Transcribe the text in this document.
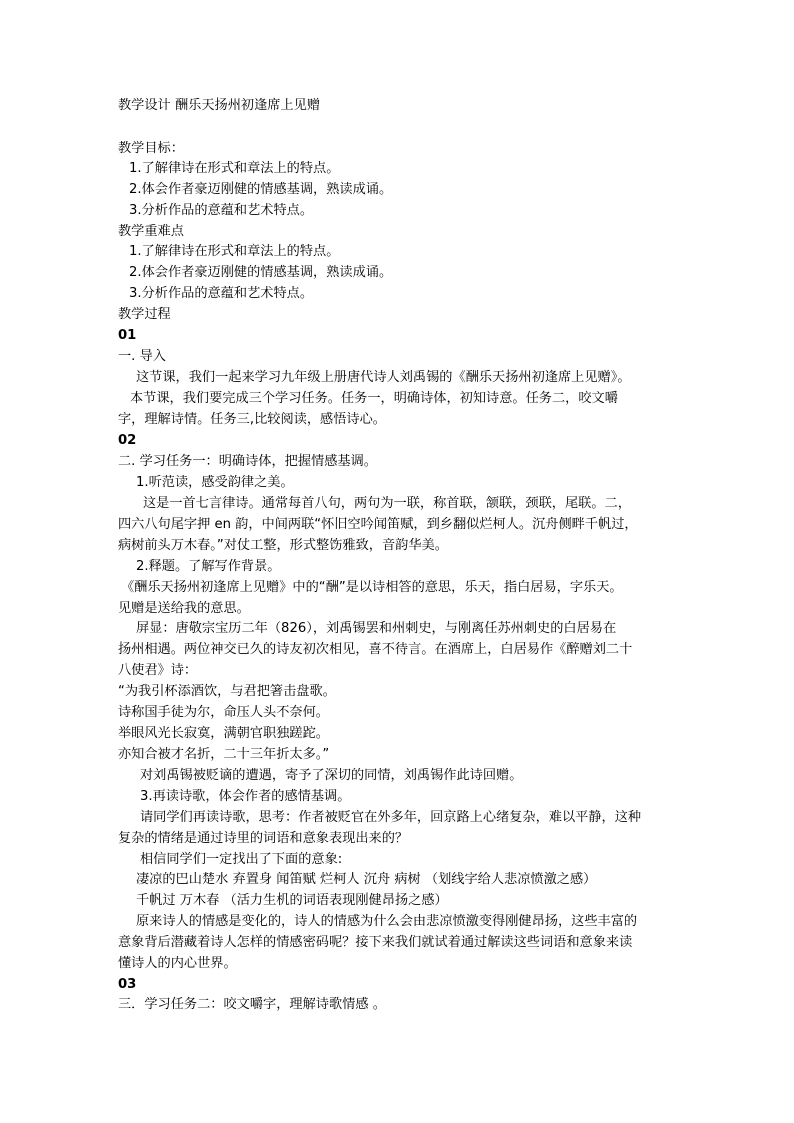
教学设计 酬乐天扬州初逢席上见赠
教学目标：
1.了解律诗在形式和章法上的特点。
2.体会作者豪迈刚健的情感基调，熟读成诵。
3.分析作品的意蕴和艺术特点。
教学重难点
1.了解律诗在形式和章法上的特点。
2.体会作者豪迈刚健的情感基调，熟读成诵。
3.分析作品的意蕴和艺术特点。
教学过程
01
一. 导入
这节课，我们一起来学习九年级上册唐代诗人刘禹锡的《酬乐天扬州初逢席上见赠》。
本节课，我们要完成三个学习任务。任务一，明确诗体，初知诗意。任务二，咬文嚼
字，理解诗情。任务三,比较阅读，感悟诗心。
02
二. 学习任务一：明确诗体，把握情感基调。
1.听范读，感受韵律之美。
这是一首七言律诗。通常每首八句，两句为一联，称首联，颔联，颈联，尾联。二，
四六八句尾字押 en 韵，中间两联“怀旧空吟闻笛赋，到乡翻似烂柯人。沉舟侧畔千帆过，
病树前头万木春。”对仗工整，形式整饬雅致，音韵华美。
2.释题。了解写作背景。
《酬乐天扬州初逢席上见赠》中的“酬”是以诗相答的意思，乐天，指白居易，字乐天。
见赠是送给我的意思。
屏显：唐敬宗宝历二年（826），刘禹锡罢和州刺史，与刚离任苏州刺史的白居易在
扬州相遇。两位神交已久的诗友初次相见，喜不待言。在酒席上，白居易作《醉赠刘二十
八使君》诗：
“为我引杯添酒饮，与君把箸击盘歌。
诗称国手徒为尔，命压人头不奈何。
举眼风光长寂寞，满朝官职独蹉跎。
亦知合被才名折，二十三年折太多。”
对刘禹锡被贬谪的遭遇，寄予了深切的同情，刘禹锡作此诗回赠。
3.再读诗歌，体会作者的感情基调。
请同学们再读诗歌，思考：作者被贬官在外多年，回京路上心绪复杂，难以平静，这种
复杂的情绪是通过诗里的词语和意象表现出来的？
相信同学们一定找出了下面的意象:
凄凉的巴山楚水 弃置身 闻笛赋 烂柯人 沉舟 病树 （划线字给人悲凉愤激之感）
千帆过 万木春 （活力生机的词语表现刚健昂扬之感）
原来诗人的情感是变化的，诗人的情感为什么会由悲凉愤激变得刚健昂扬，这些丰富的
意象背后潜藏着诗人怎样的情感密码呢？接下来我们就试着通过解读这些词语和意象来读
懂诗人的内心世界。
03
三．学习任务二：咬文嚼字，理解诗歌情感 。
